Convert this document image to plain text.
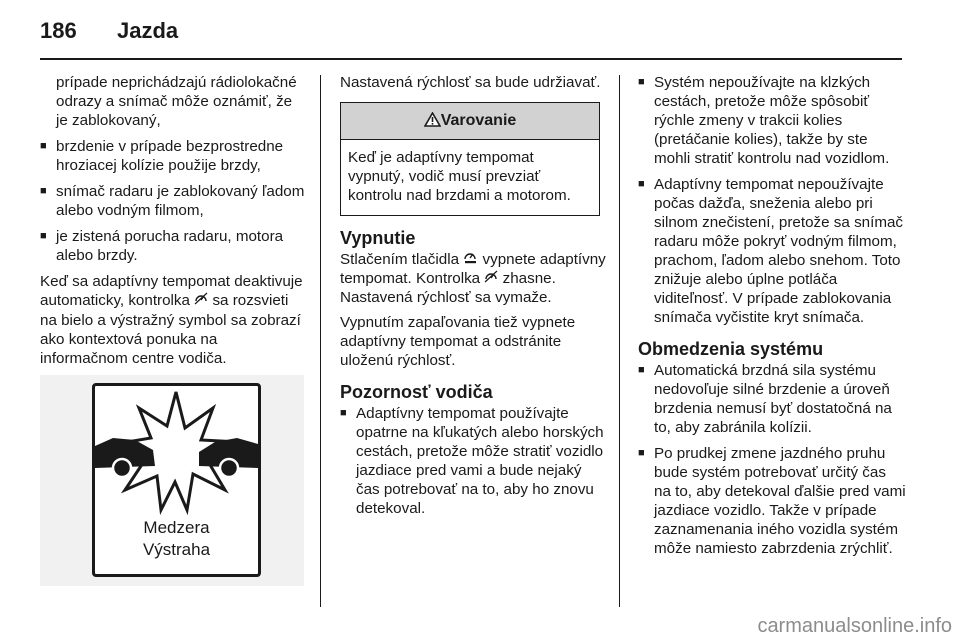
186 Jazda
prípade neprichádzajú rádiolokačné odrazy a snímač môže oznámiť, že je zablokovaný,
■ brzdenie v prípade bezprostredne hroziacej kolízie použije brzdy,
■ snímač radaru je zablokovaný ľadom alebo vodným filmom,
■ je zistená porucha radaru, motora alebo brzdy.

Keď sa adaptívny tempomat deaktivuje automaticky, kontrolka sa rozsvieti na bielo a výstražný symbol sa zobrazí ako kontextová ponuka na informačnom centre vodiča.

Medzera
Výstraha

Nastavená rýchlosť sa bude udržiavať.

Varovanie
Keď je adaptívny tempomat vypnutý, vodič musí prevziať kontrolu nad brzdami a motorom.
Vypnutie

Stlačením tlačidla vypnete adaptívny tempomat. Kontrolka zhasne. Nastavená rýchlosť sa vymaže.

Vypnutím zapaľovania tiež vypnete adaptívny tempomat a odstránite uloženú rýchlosť.

Pozornosť vodiča
■ Adaptívny tempomat používajte opatrne na kľukatých alebo horských cestách, pretože môže stratiť vozidlo jazdiace pred vami a bude nejaký čas potrebovať na to, aby ho znovu detekoval.
■ Systém nepoužívajte na klzkých cestách, pretože môže spôsobiť rýchle zmeny v trakcii kolies (pretáčanie kolies), takže by ste mohli stratiť kontrolu nad vozidlom.
■ Adaptívny tempomat nepoužívajte počas dažďa, sneženia alebo pri silnom znečistení, pretože sa snímač radaru môže pokryť vodným filmom, prachom, ľadom alebo snehom. Toto znižuje alebo úplne potláča viditeľnosť. V prípade zablokovania snímača vyčistite kryt snímača.
Obmedzenia systému
■ Automatická brzdná sila systému nedovoľuje silné brzdenie a úroveň brzdenia nemusí byť dostatočná na to, aby zabránila kolízii.
■ Po prudkej zmene jazdného pruhu bude systém potrebovať určitý čas na to, aby detekoval ďalšie pred vami jazdiace vozidlo. Takže v prípade zaznamenania iného vozidla systém môže namiesto zabrzdenia zrýchliť.
carmanualsonline.info
